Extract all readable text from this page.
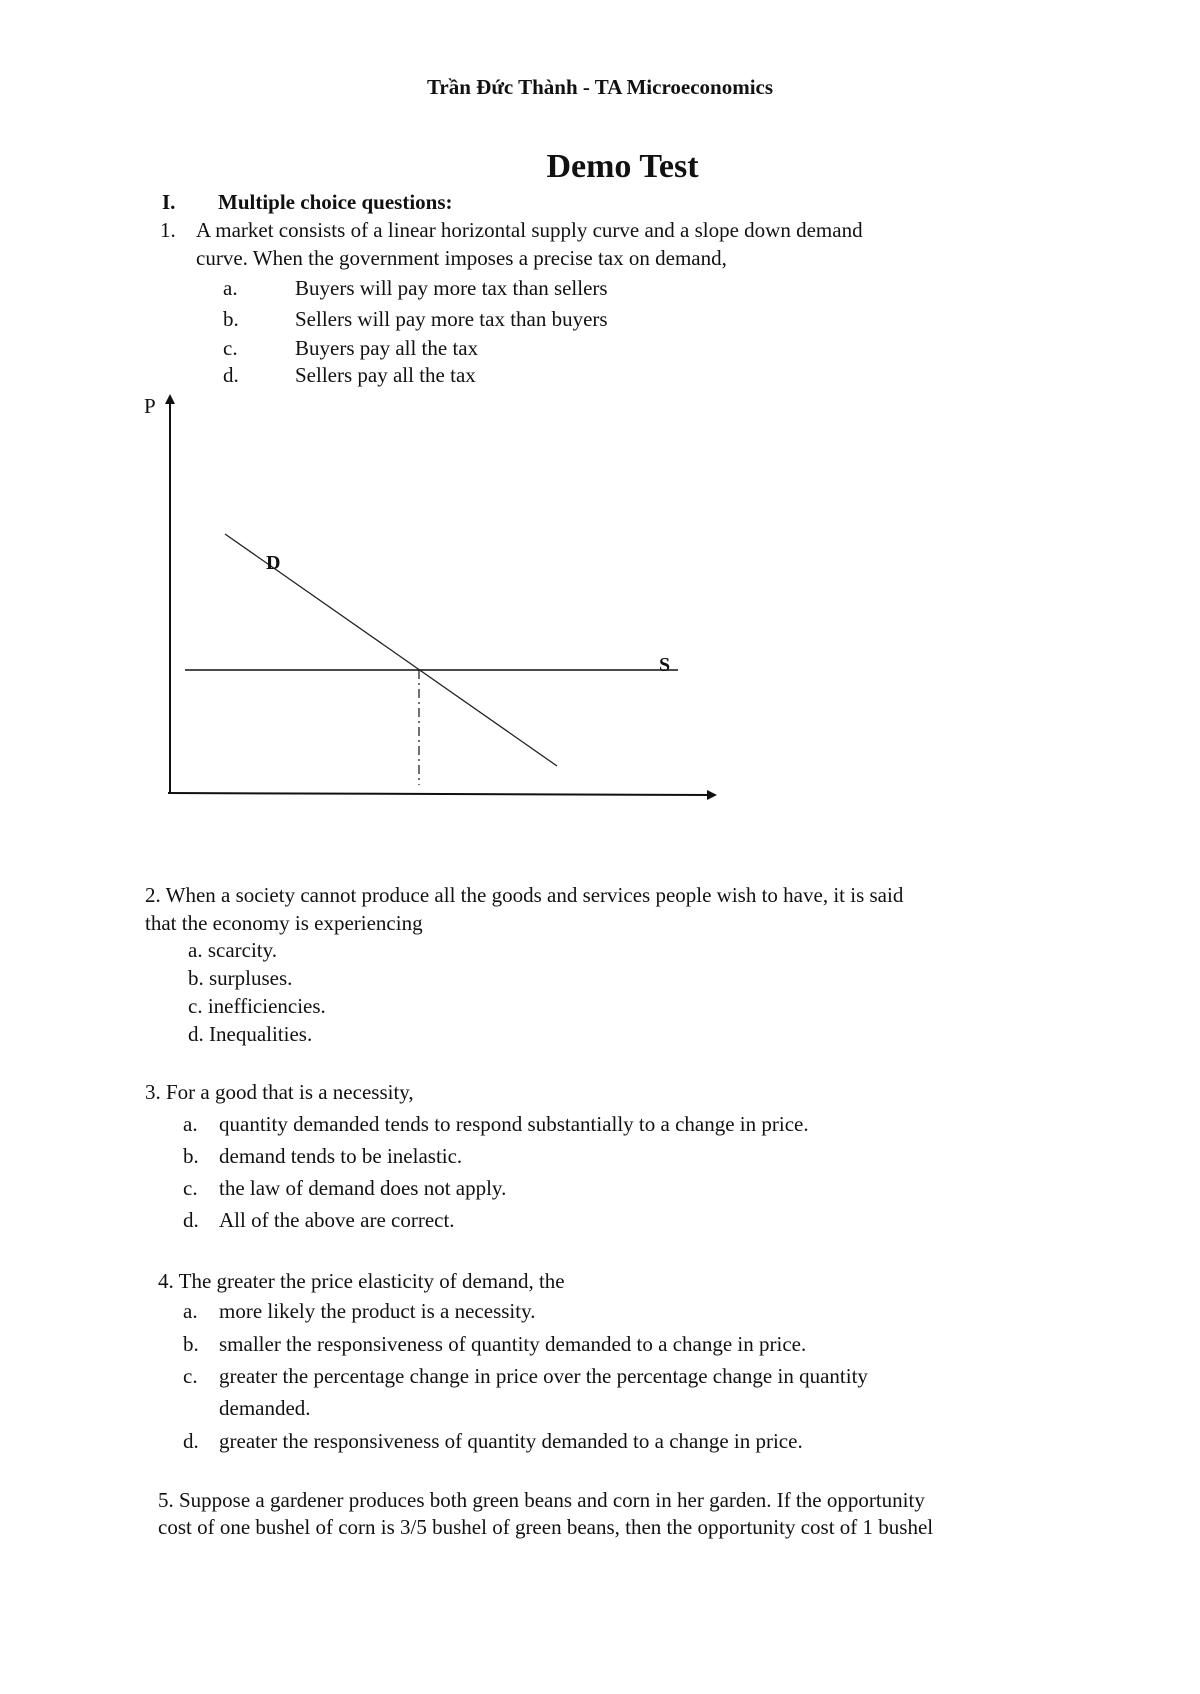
Trần Đức Thành - TA Microeconomics
Demo Test
I. Multiple choice questions:
1. A market consists of a linear horizontal supply curve and a slope down demand
curve. When the government imposes a precise tax on demand,
a.	Buyers will pay more tax than sellers
b.	Sellers will pay more tax than buyers
c.	Buyers pay all the tax
d.	Sellers pay all the tax
P
D
S
2. When a society cannot produce all the goods and services people wish to have, it is said
that the economy is experiencing
a. scarcity.
b. surpluses.
c. inefficiencies.
d. Inequalities.
3. For a good that is a necessity,
a. quantity demanded tends to respond substantially to a change in price.
b. demand tends to be inelastic.
c. the law of demand does not apply.
d. All of the above are correct.
4. The greater the price elasticity of demand, the
a. more likely the product is a necessity.
b. smaller the responsiveness of quantity demanded to a change in price.
c. greater the percentage change in price over the percentage change in quantity
demanded.
d. greater the responsiveness of quantity demanded to a change in price.
5. Suppose a gardener produces both green beans and corn in her garden. If the opportunity
cost of one bushel of corn is 3/5 bushel of green beans, then the opportunity cost of 1 bushel
